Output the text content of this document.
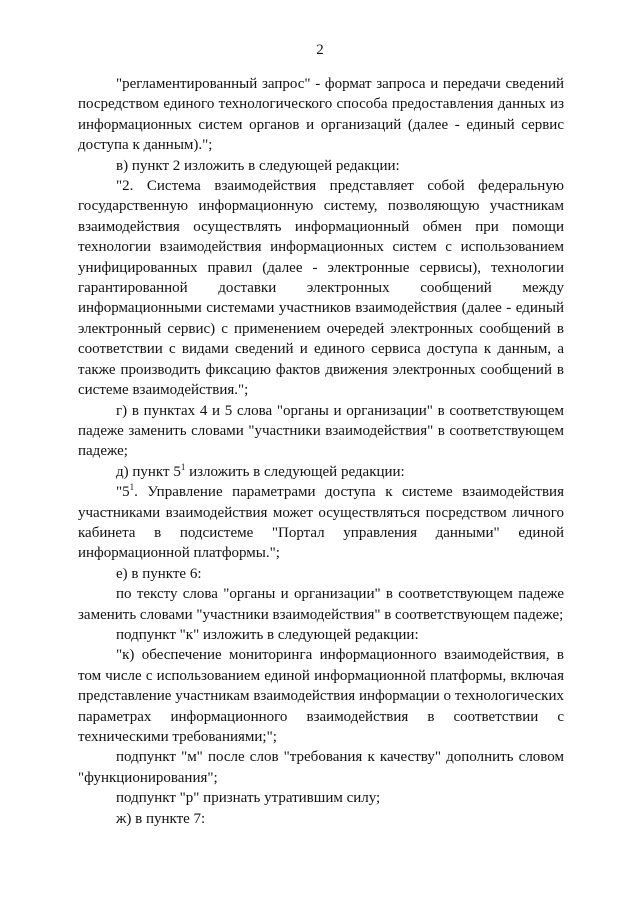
2

"регламентированный запрос" - формат запроса и передачи сведений посредством единого технологического способа предоставления данных из информационных систем органов и организаций (далее - единый сервис доступа к данным).";

в) пункт 2 изложить в следующей редакции:

"2. Система взаимодействия представляет собой федеральную государственную информационную систему, позволяющую участникам взаимодействия осуществлять информационный обмен при помощи технологии взаимодействия информационных систем с использованием унифицированных правил (далее - электронные сервисы), технологии гарантированной доставки электронных сообщений между информационными системами участников взаимодействия (далее - единый электронный сервис) с применением очередей электронных сообщений в соответствии с видами сведений и единого сервиса доступа к данным, а также производить фиксацию фактов движения электронных сообщений в системе взаимодействия.";

г) в пунктах 4 и 5 слова "органы и организации" в соответствующем падеже заменить словами "участники взаимодействия" в соответствующем падеже;

д) пункт $5^1$ изложить в следующей редакции:

"$5^1$. Управление параметрами доступа к системе взаимодействия участниками взаимодействия может осуществляться посредством личного кабинета в подсистеме "Портал управления данными" единой информационной платформы.";

е) в пункте 6:

по тексту слова "органы и организации" в соответствующем падеже заменить словами "участники взаимодействия" в соответствующем падеже;

подпункт "к" изложить в следующей редакции:

"к) обеспечение мониторинга информационного взаимодействия, в том числе с использованием единой информационной платформы, включая представление участникам взаимодействия информации о технологических параметрах информационного взаимодействия в соответствии с техническими требованиями;";

подпункт "м" после слов "требования к качеству" дополнить словом "функционирования";

подпункт "р" признать утратившим силу;

ж) в пункте 7:
